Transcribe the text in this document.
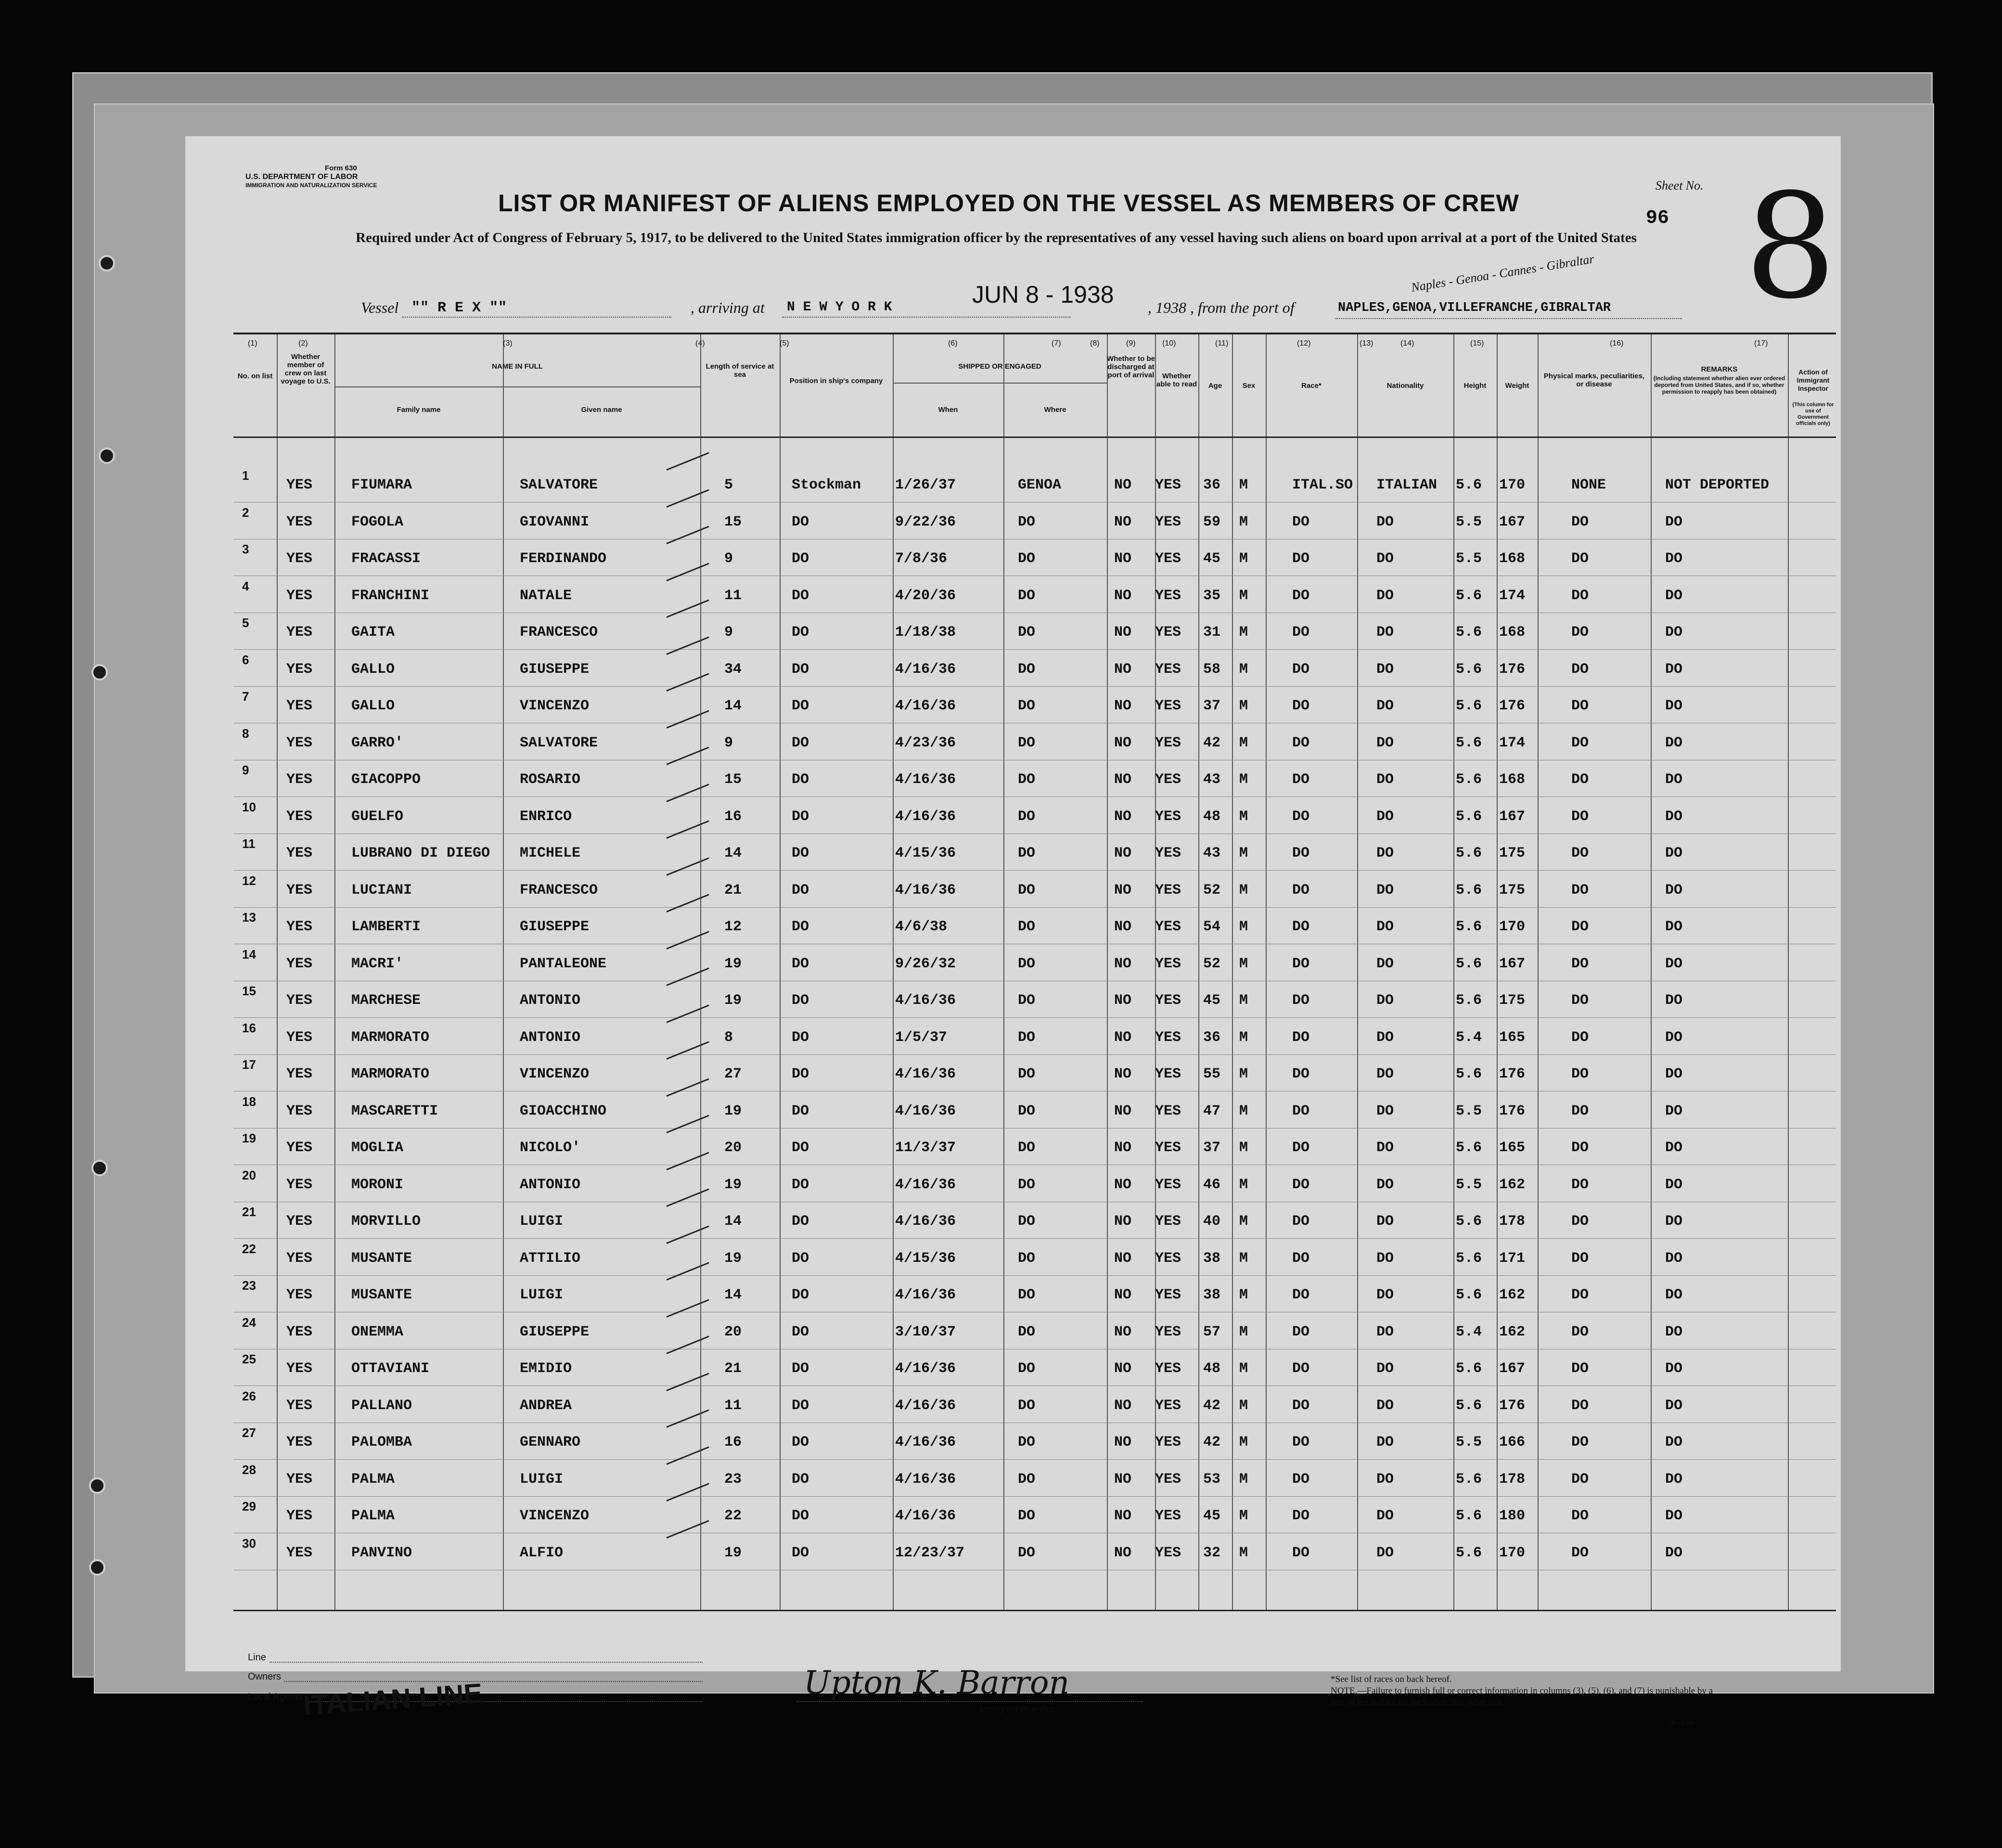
Form 630
U.S. DEPARTMENT OF LABOR
IMMIGRATION AND NATURALIZATION SERVICE	Sheet No.
96 8
LIST OR MANIFEST OF ALIENS EMPLOYED ON THE VESSEL AS MEMBERS OF CREW
Required under Act of Congress of February 5, 1917, to be delivered to the United States immigration officer by the representatives of any vessel having such aliens on board upon arrival at a port of the United States
Vessel "" R E X ""	, arriving at N E W Y O R K	JUN 8 - 1938 , 1938 , from the port of	NAPLES,GENOA,VILLEFRANCHE,GIBRALTAR
Naples - Genoa - Cannes - Gibraltar
(1)	(2)	(3)	(4)	(5)	(6)	(7)	(8)	(9)	(10)	(11)	(12)	(13)	(14)	(15)	(16)	(17)
No. on list
Whether member of crew on last voyage to U.S.
NAME IN FULL
Family name	Given name
Length of service at sea
Position in ship's company
SHIPPED OR ENGAGED
When	Where
Whether to be discharged at port of arrival	Whether able to read	Age	Sex	Race*	Nationality	Height	Weight
Physical marks, peculiarities, or disease
REMARKS
(Including statement whether alien ever ordered deported from United States, and if so, whether permission to reapply has been obtained)
Action of Immigrant Inspector
(This column for use of Government officials only)
1
YES	FIUMARA	SALVATORE	5	Stockman 1/26/37	GENOA	NO YES 36 M	ITAL.SO ITALIAN 5.6 170	NONE	NOT DEPORTED
2
YES	FOGOLA	GIOVANNI	15	DO	9/22/36	DO	NO YES 59 M	DO	DO	5.5 167	DO	DO
3
YES	FRACASSI	FERDINANDO	9	DO	7/8/36	DO	NO YES 45 M	DO	DO	5.5 168	DO	DO
4
YES	FRANCHINI	NATALE	11	DO	4/20/36	DO	NO YES 35 M	DO	DO	5.6 174	DO	DO
5
YES	GAITA	FRANCESCO	9	DO	1/18/38	DO	NO YES 31 M	DO	DO	5.6 168	DO	DO
6
YES	GALLO	GIUSEPPE	34	DO	4/16/36	DO	NO YES 58 M	DO	DO	5.6 176	DO	DO
7
YES	GALLO	VINCENZO	14	DO	4/16/36	DO	NO YES 37 M	DO	DO	5.6 176	DO	DO
8
YES	GARRO'	SALVATORE	9	DO	4/23/36	DO	NO YES 42 M	DO	DO	5.6 174	DO	DO
9
YES	GIACOPPO	ROSARIO	15	DO	4/16/36	DO	NO YES 43 M	DO	DO	5.6 168	DO	DO
10
YES	GUELFO	ENRICO	16	DO	4/16/36	DO	NO YES 48 M	DO	DO	5.6 167	DO	DO
11
YES	LUBRANO DI DIEGO MICHELE	14	DO	4/15/36	DO	NO YES 43 M	DO	DO	5.6 175	DO	DO
12
YES	LUCIANI	FRANCESCO	21	DO	4/16/36	DO	NO YES 52 M	DO	DO	5.6 175	DO	DO
13
YES	LAMBERTI	GIUSEPPE	12	DO	4/6/38	DO	NO YES 54 M	DO	DO	5.6 170	DO	DO
14
YES	MACRI'	PANTALEONE	19	DO	9/26/32	DO	NO YES 52 M	DO	DO	5.6 167	DO	DO
15
YES	MARCHESE	ANTONIO	19	DO	4/16/36	DO	NO YES 45 M	DO	DO	5.6 175	DO	DO
16
YES	MARMORATO	ANTONIO	8	DO	1/5/37	DO	NO YES 36 M	DO	DO	5.4 165	DO	DO
17
YES	MARMORATO	VINCENZO	27	DO	4/16/36	DO	NO YES 55 M	DO	DO	5.6 176	DO	DO
18
YES	MASCARETTI	GIOACCHINO	19	DO	4/16/36	DO	NO YES 47 M	DO	DO	5.5 176	DO	DO
19
YES	MOGLIA	NICOLO'	20	DO	11/3/37	DO	NO YES 37 M	DO	DO	5.6 165	DO	DO
20
YES	MORONI	ANTONIO	19	DO	4/16/36	DO	NO YES 46 M	DO	DO	5.5 162	DO	DO
21
YES	MORVILLO	LUIGI	14	DO	4/16/36	DO	NO YES 40 M	DO	DO	5.6 178	DO	DO
22
YES	MUSANTE	ATTILIO	19	DO	4/15/36	DO	NO YES 38 M	DO	DO	5.6 171	DO	DO
23
YES	MUSANTE	LUIGI	14	DO	4/16/36	DO	NO YES 38 M	DO	DO	5.6 162	DO	DO
24
YES	ONEMMA	GIUSEPPE	20	DO	3/10/37	DO	NO YES 57 M	DO	DO	5.4 162	DO	DO
25
YES	OTTAVIANI	EMIDIO	21	DO	4/16/36	DO	NO YES 48 M	DO	DO	5.6 167	DO	DO
26
YES	PALLANO	ANDREA	11	DO	4/16/36	DO	NO YES 42 M	DO	DO	5.6 176	DO	DO
27
YES	PALOMBA	GENNARO	16	DO	4/16/36	DO	NO YES 42 M	DO	DO	5.5 166	DO	DO
28
YES	PALMA	LUIGI	23	DO	4/16/36	DO	NO YES 53 M	DO	DO	5.6 178	DO	DO
29
YES	PALMA	VINCENZO	22	DO	4/16/36	DO	NO YES 45 M	DO	DO	5.6 180	DO	DO
30
YES	PANVINO	ALFIO	19	DO	12/23/37	DO	NO YES 32 M	DO	DO	5.6 170	DO	DO
Line
Owners
Local Agents
ITALIAN LINE	Upton K. Barron
Immigrant Inspector.
*See list of races on back hereof.
NOTE.—Failure to furnish full or correct information in columns (3), (5), (6), and (7) is punishable by a fine of ten dollars for each alien. See other side.
14—1340
